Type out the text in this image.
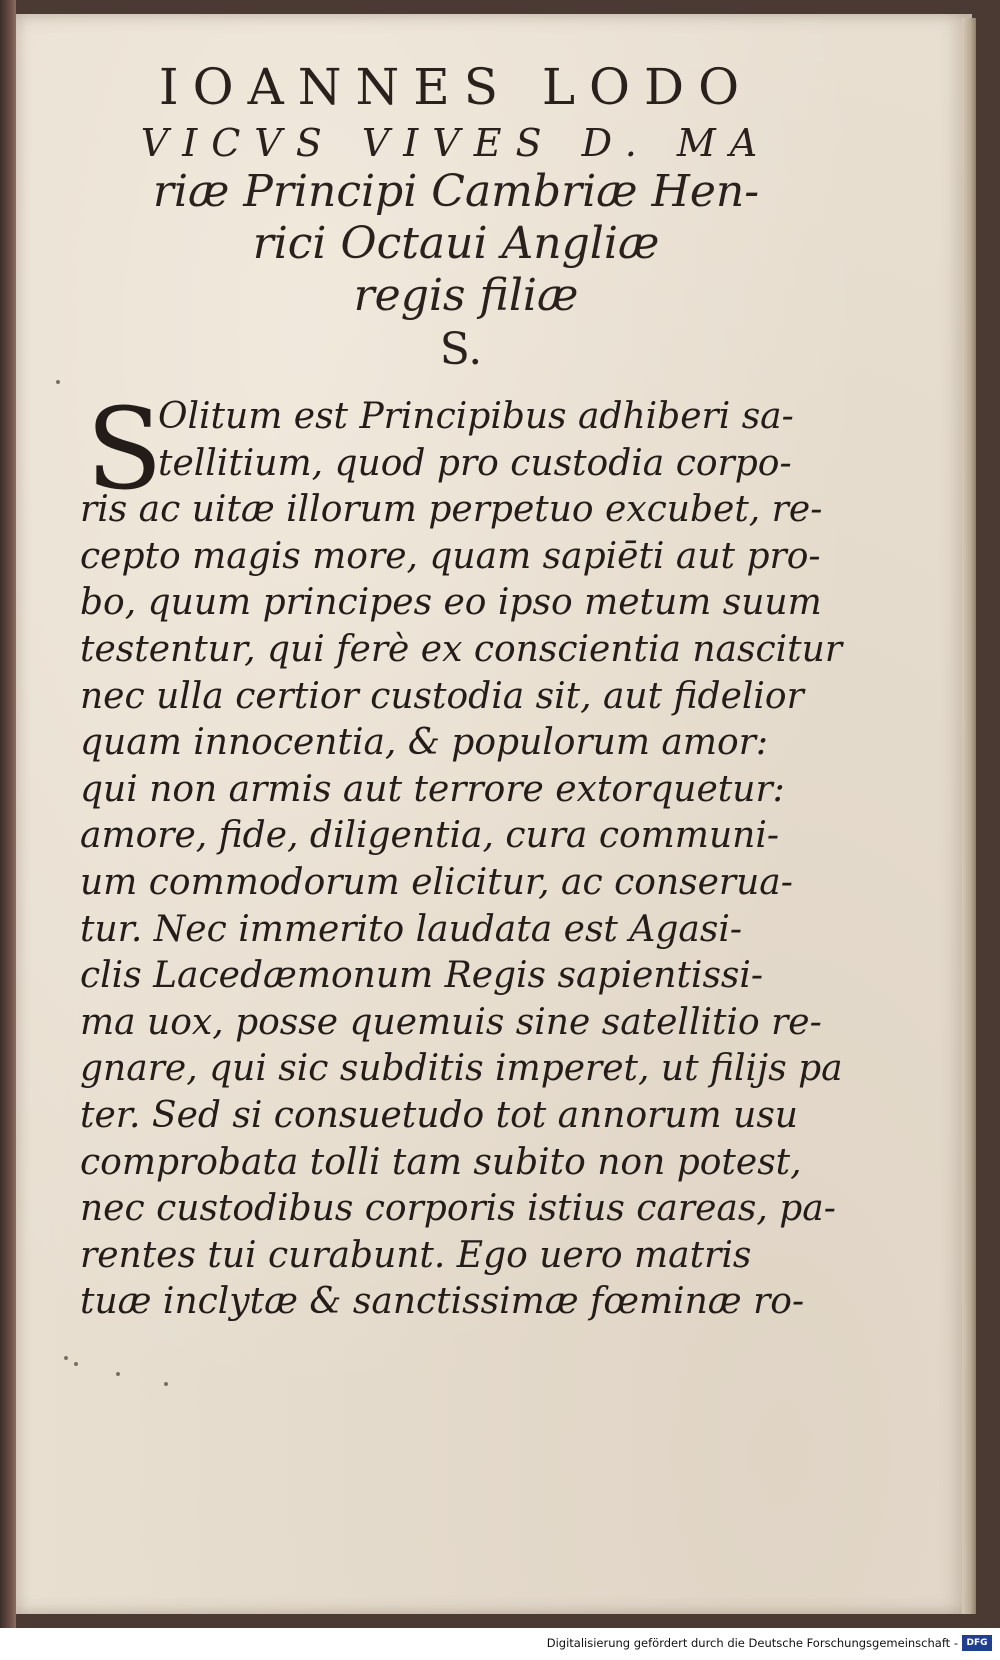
IOANNES LODO
VICVS VIVES D. MA
riæ Principi Cambriæ Hen-
rici Octaui Angliæ
regis filiæ
S.
S
Olitum est Principibus adhiberi sa-
tellitium, quod pro custodia corpo-
ris ac uitæ illorum perpetuo excubet, re-
cepto magis more, quam sapiēti aut pro-
bo, quum principes eo ipso metum suum
testentur, qui ferè ex conscientia nascitur
nec ulla certior custodia sit, aut fidelior
quam innocentia, & populorum amor:
qui non armis aut terrore extorquetur:
amore, fide, diligentia, cura communi-
um commodorum elicitur, ac conserua-
tur. Nec immerito laudata est Agasi-
clis Lacedæmonum Regis sapientissi-
ma uox, posse quemuis sine satellitio re-
gnare, qui sic subditis imperet, ut filijs pa
ter. Sed si consuetudo tot annorum usu
comprobata tolli tam subito non potest,
nec custodibus corporis istius careas, pa-
rentes tui curabunt. Ego uero matris
tuæ inclytæ & sanctissimæ fœminæ ro-
Digitalisierung gefördert durch die Deutsche Forschungsgemeinschaft - DFG
